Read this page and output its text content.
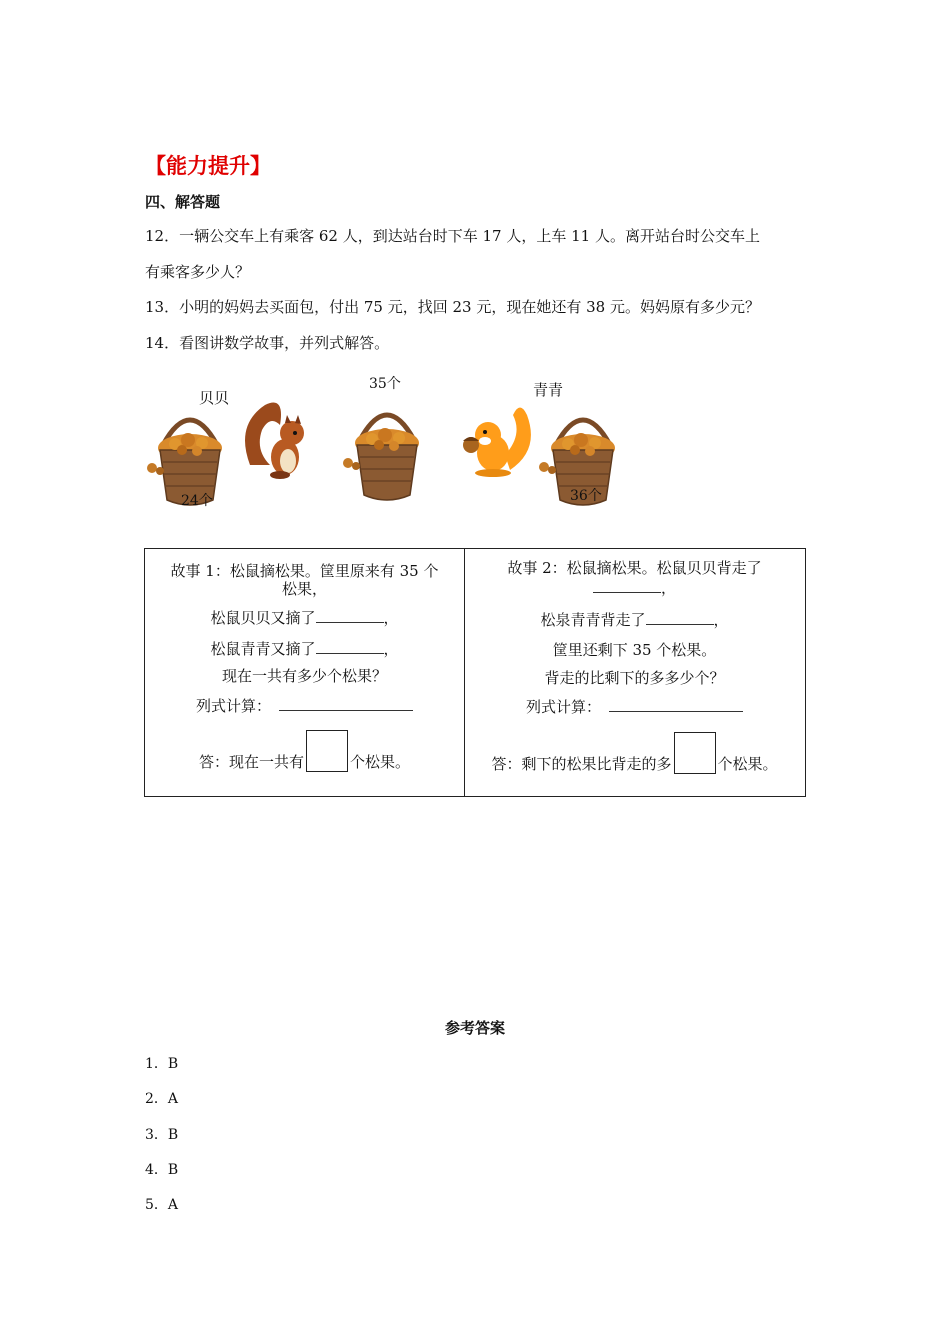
【能力提升】
四、解答题
12．一辆公交车上有乘客 62 人，到达站台时下车 17 人，上车 11 人。离开站台时公交车上
有乘客多少人？
13．小明的妈妈去买面包，付出 75 元，找回 23 元，现在她还有 38 元。妈妈原有多少元？
14．看图讲数学故事，并列式解答。
贝贝	青青
24个
35个
36个
故事 1：松鼠摘松果。筐里原来有 35 个
松果，
松鼠贝贝又摘了	，
松鼠青青又摘了	，
现在一共有多少个松果？
列式计算：
答：现在一共有	个松果。
故事 2：松鼠摘松果。松鼠贝贝背走了
，
松泉青青背走了	，
筐里还剩下 35 个松果。
背走的比剩下的多多少个？
列式计算：
答：剩下的松果比背走的多	个松果。
参考答案
1．B
2．A
3．B
4．B
5．A
